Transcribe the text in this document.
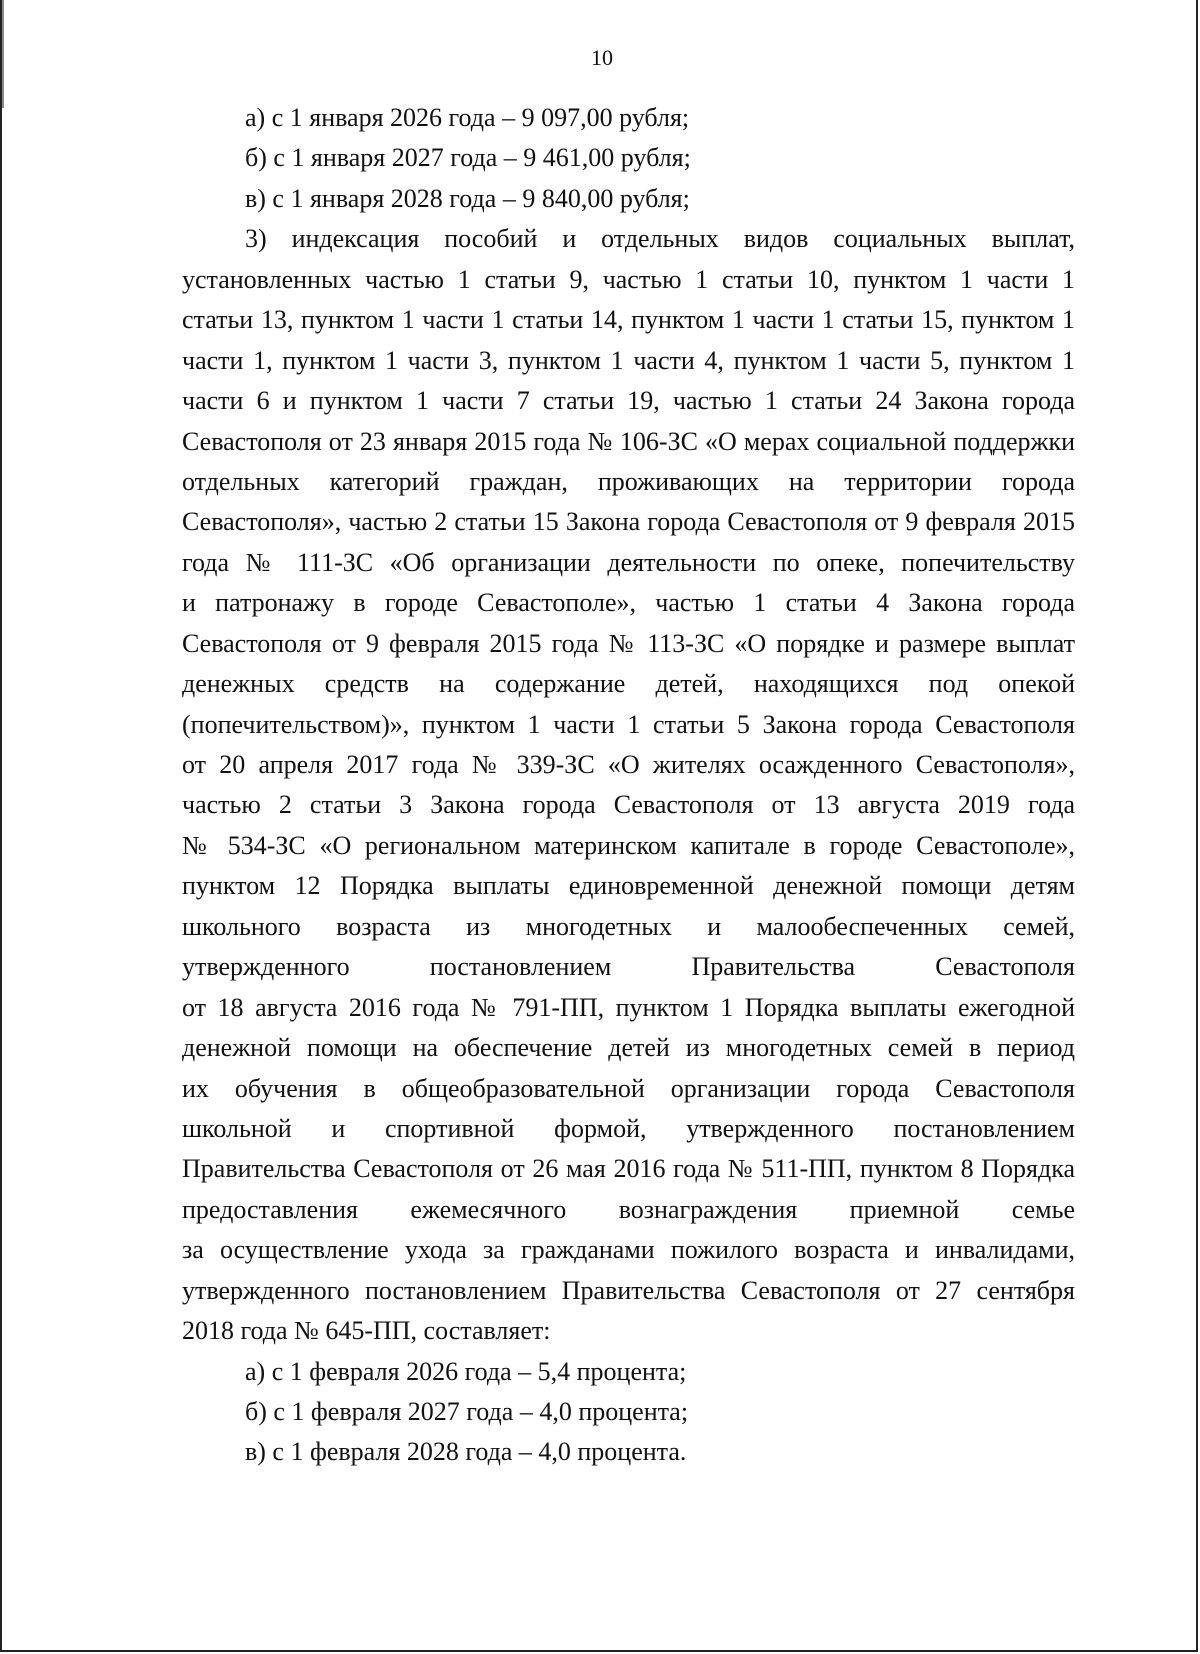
10
а) с 1 января 2026 года – 9 097,00 рубля;
б) с 1 января 2027 года – 9 461,00 рубля;
в) с 1 января 2028 года – 9 840,00 рубля;
3) индексация пособий и отдельных видов социальных выплат,
установленных частью 1 статьи 9, частью 1 статьи 10, пунктом 1 части 1
статьи 13, пунктом 1 части 1 статьи 14, пунктом 1 части 1 статьи 15, пунктом 1
части 1, пунктом 1 части 3, пунктом 1 части 4, пунктом 1 части 5, пунктом 1
части 6 и пунктом 1 части 7 статьи 19, частью 1 статьи 24 Закона города
Севастополя от 23 января 2015 года № 106-ЗС «О мерах социальной поддержки
отдельных категорий граждан, проживающих на территории города
Севастополя», частью 2 статьи 15 Закона города Севастополя от 9 февраля 2015
года № 111-ЗС «Об организации деятельности по опеке, попечительству
и патронажу в городе Севастополе», частью 1 статьи 4 Закона города
Севастополя от 9 февраля 2015 года № 113-ЗС «О порядке и размере выплат
денежных средств на содержание детей, находящихся под опекой
(попечительством)», пунктом 1 части 1 статьи 5 Закона города Севастополя
от 20 апреля 2017 года № 339-ЗС «О жителях осажденного Севастополя»,
частью 2 статьи 3 Закона города Севастополя от 13 августа 2019 года
№ 534-ЗС «О региональном материнском капитале в городе Севастополе»,
пунктом 12 Порядка выплаты единовременной денежной помощи детям
школьного возраста из многодетных и малообеспеченных семей,
утвержденного постановлением Правительства Севастополя
от 18 августа 2016 года № 791-ПП, пунктом 1 Порядка выплаты ежегодной
денежной помощи на обеспечение детей из многодетных семей в период
их обучения в общеобразовательной организации города Севастополя
школьной и спортивной формой, утвержденного постановлением
Правительства Севастополя от 26 мая 2016 года № 511-ПП, пунктом 8 Порядка
предоставления ежемесячного вознаграждения приемной семье
за осуществление ухода за гражданами пожилого возраста и инвалидами,
утвержденного постановлением Правительства Севастополя от 27 сентября
2018 года № 645-ПП, составляет:
а) с 1 февраля 2026 года – 5,4 процента;
б) с 1 февраля 2027 года – 4,0 процента;
в) с 1 февраля 2028 года – 4,0 процента.
